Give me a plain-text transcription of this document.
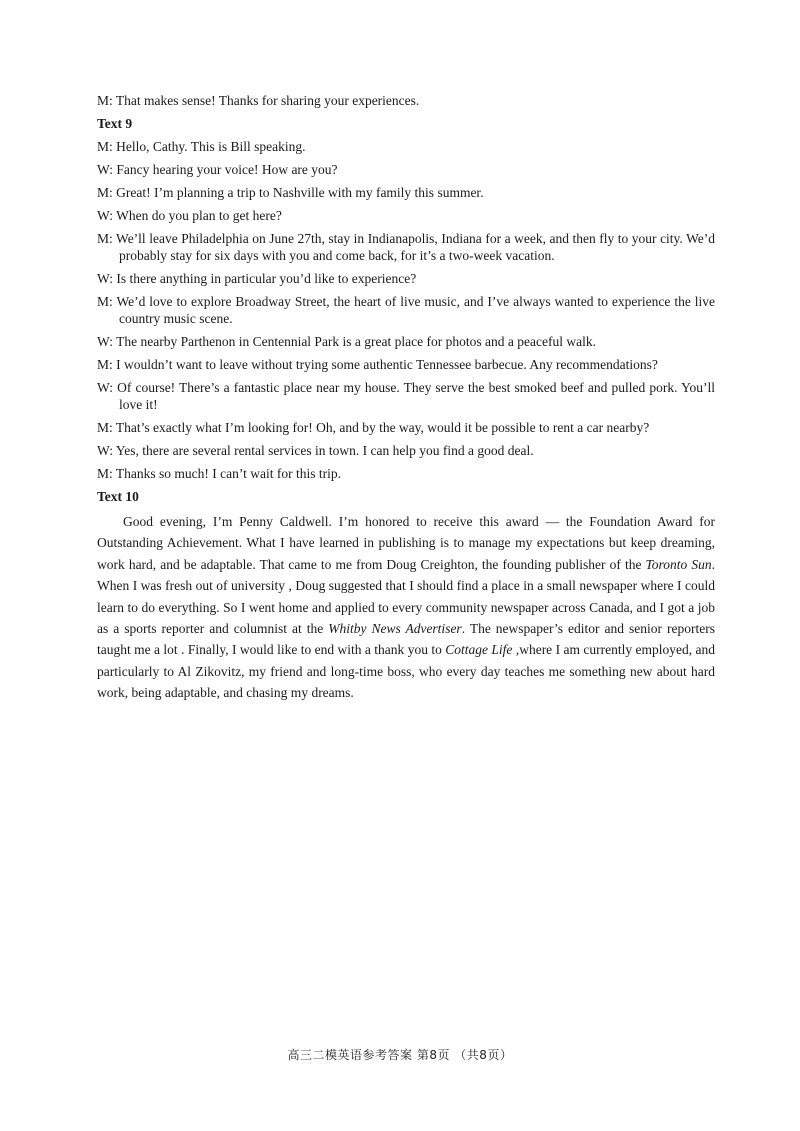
M: That makes sense! Thanks for sharing your experiences.
Text 9
M: Hello, Cathy. This is Bill speaking.
W: Fancy hearing your voice! How are you?
M: Great! I’m planning a trip to Nashville with my family this summer.
W: When do you plan to get here?
M: We’ll leave Philadelphia on June 27th, stay in Indianapolis, Indiana for a week, and then fly to your city. We’d probably stay for six days with you and come back, for it’s a two-week vacation.
W: Is there anything in particular you’d like to experience?
M: We’d love to explore Broadway Street, the heart of live music, and I’ve always wanted to experience the live country music scene.
W: The nearby Parthenon in Centennial Park is a great place for photos and a peaceful walk.
M: I wouldn’t want to leave without trying some authentic Tennessee barbecue. Any recommendations?
W: Of course! There’s a fantastic place near my house. They serve the best smoked beef and pulled pork. You’ll love it!
M: That’s exactly what I’m looking for! Oh, and by the way, would it be possible to rent a car nearby?
W: Yes, there are several rental services in town. I can help you find a good deal.
M: Thanks so much! I can’t wait for this trip.
Text 10

Good evening, I’m Penny Caldwell. I’m honored to receive this award — the Foundation Award for Outstanding Achievement. What I have learned in publishing is to manage my expectations but keep dreaming, work hard, and be adaptable. That came to me from Doug Creighton, the founding publisher of the Toronto Sun. When I was fresh out of university , Doug suggested that I should find a place in a small newspaper where I could learn to do everything. So I went home and applied to every community newspaper across Canada, and I got a job as a sports reporter and columnist at the Whitby News Advertiser. The newspaper’s editor and senior reporters taught me a lot . Finally, I would like to end with a thank you to Cottage Life ,where I am currently employed, and particularly to Al Zikovitz, my friend and long-time boss, who every day teaches me something new about hard work, being adaptable, and chasing my dreams.

高三二模英语参考答案 第8页 （共8页）
